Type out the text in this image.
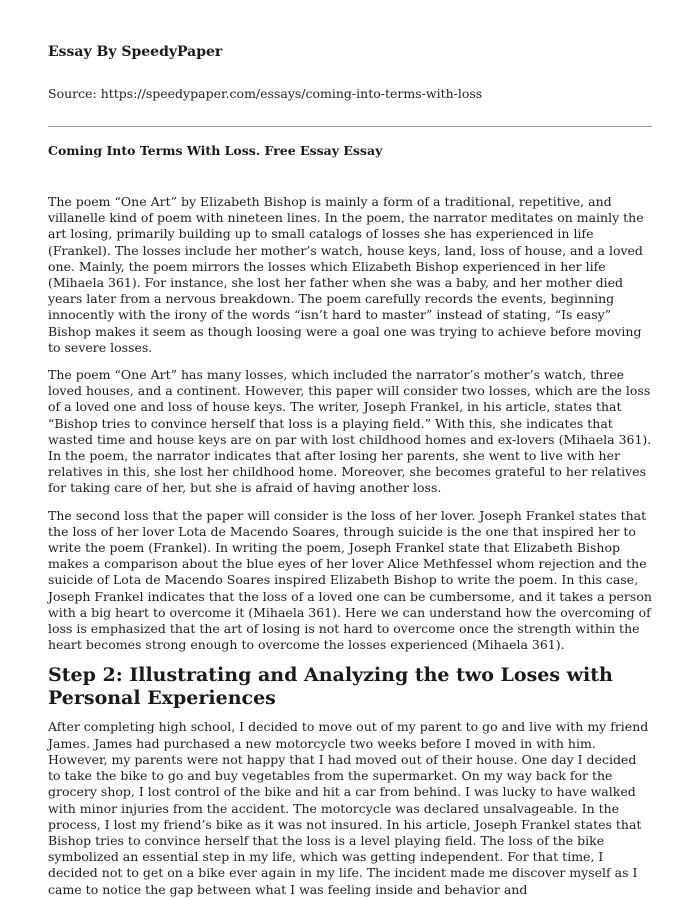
Essay By SpeedyPaper

Source: https://speedypaper.com/essays/coming-into-terms-with-loss

Coming Into Terms With Loss. Free Essay Essay

The poem “One Art” by Elizabeth Bishop is mainly a form of a traditional, repetitive, and villanelle kind of poem with nineteen lines. In the poem, the narrator meditates on mainly the art losing, primarily building up to small catalogs of losses she has experienced in life (Frankel). The losses include her mother’s watch, house keys, land, loss of house, and a loved one. Mainly, the poem mirrors the losses which Elizabeth Bishop experienced in her life (Mihaela 361). For instance, she lost her father when she was a baby, and her mother died years later from a nervous breakdown. The poem carefully records the events, beginning innocently with the irony of the words “isn’t hard to master” instead of stating, “Is easy” Bishop makes it seem as though loosing were a goal one was trying to achieve before moving to severe losses.

The poem “One Art” has many losses, which included the narrator’s mother’s watch, three loved houses, and a continent. However, this paper will consider two losses, which are the loss of a loved one and loss of house keys. The writer, Joseph Frankel, in his article, states that “Bishop tries to convince herself that loss is a playing field.” With this, she indicates that wasted time and house keys are on par with lost childhood homes and ex-lovers (Mihaela 361). In the poem, the narrator indicates that after losing her parents, she went to live with her relatives in this, she lost her childhood home. Moreover, she becomes grateful to her relatives for taking care of her, but she is afraid of having another loss.

The second loss that the paper will consider is the loss of her lover. Joseph Frankel states that the loss of her lover Lota de Macendo Soares, through suicide is the one that inspired her to write the poem (Frankel). In writing the poem, Joseph Frankel state that Elizabeth Bishop makes a comparison about the blue eyes of her lover Alice Methfessel whom rejection and the suicide of Lota de Macendo Soares inspired Elizabeth Bishop to write the poem. In this case, Joseph Frankel indicates that the loss of a loved one can be cumbersome, and it takes a person with a big heart to overcome it (Mihaela 361). Here we can understand how the overcoming of loss is emphasized that the art of losing is not hard to overcome once the strength within the heart becomes strong enough to overcome the losses experienced (Mihaela 361).

Step 2: Illustrating and Analyzing the two Loses with Personal Experiences

After completing high school, I decided to move out of my parent to go and live with my friend James. James had purchased a new motorcycle two weeks before I moved in with him. However, my parents were not happy that I had moved out of their house. One day I decided to take the bike to go and buy vegetables from the supermarket. On my way back for the grocery shop, I lost control of the bike and hit a car from behind. I was lucky to have walked with minor injuries from the accident. The motorcycle was declared unsalvageable. In the process, I lost my friend’s bike as it was not insured. In his article, Joseph Frankel states that Bishop tries to convince herself that the loss is a level playing field. The loss of the bike symbolized an essential step in my life, which was getting independent. For that time, I decided not to get on a bike ever again in my life. The incident made me discover myself as I came to notice the gap between what I was feeling inside and behavior and
